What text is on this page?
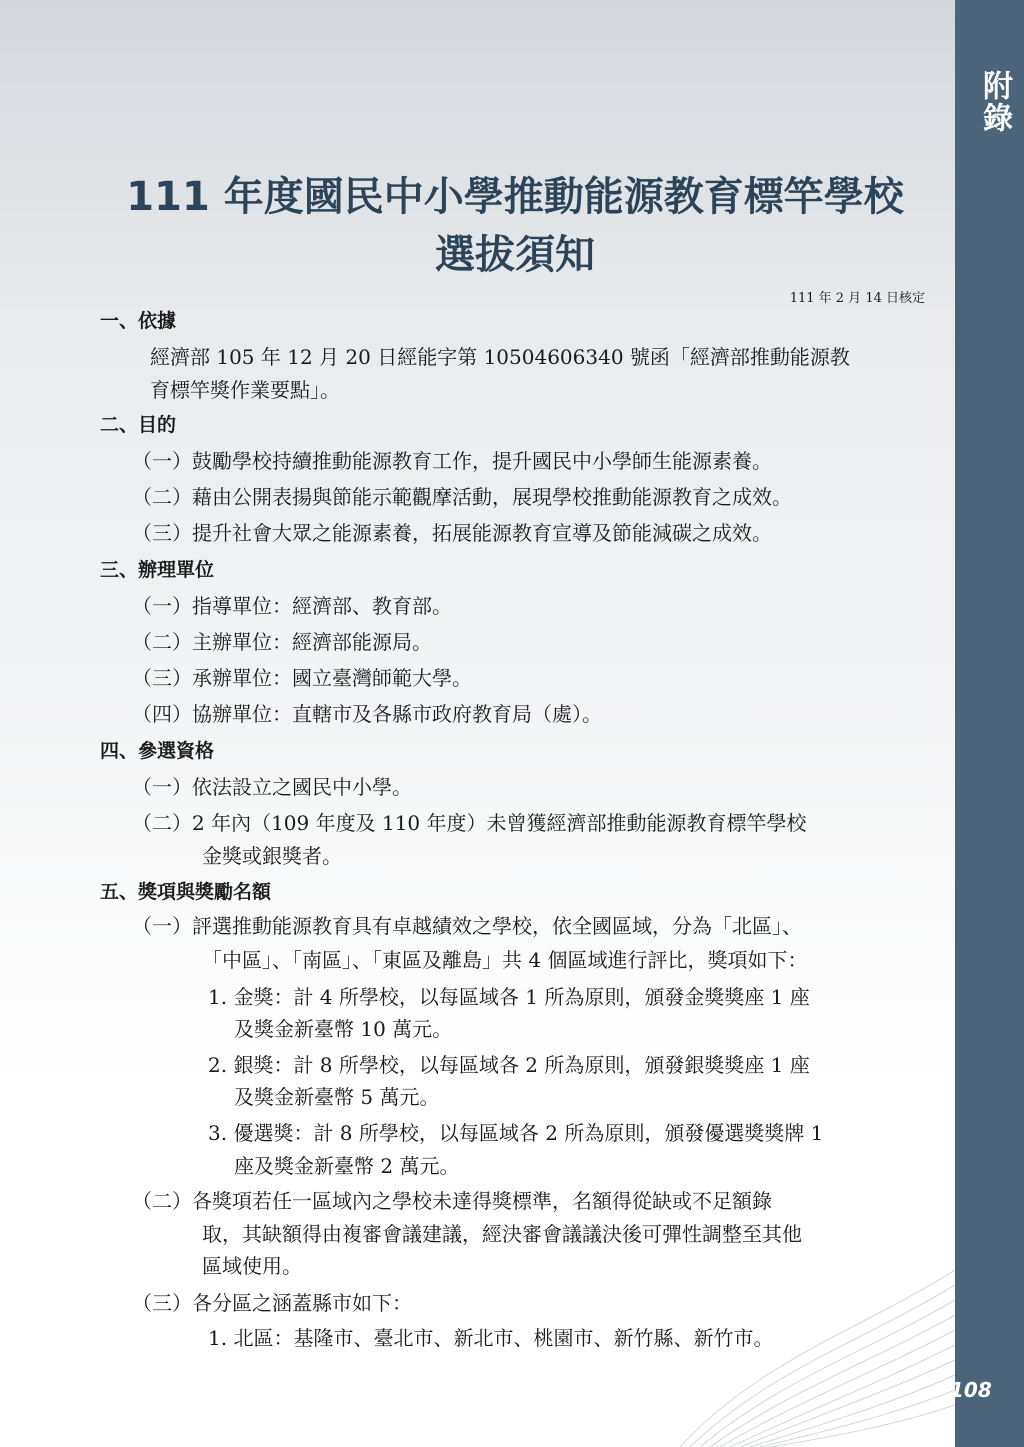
附錄
108
111 年度國民中小學推動能源教育標竿學校
選拔須知
111 年 2 月 14 日核定
一、依據
經濟部 105 年 12 月 20 日經能字第 10504606340 號函「經濟部推動能源教
育標竿獎作業要點」。
二、目的
（一）鼓勵學校持續推動能源教育工作，提升國民中小學師生能源素養。
（二）藉由公開表揚與節能示範觀摩活動，展現學校推動能源教育之成效。
（三）提升社會大眾之能源素養，拓展能源教育宣導及節能減碳之成效。
三、辦理單位
（一）指導單位：經濟部、教育部。
（二）主辦單位：經濟部能源局。
（三）承辦單位：國立臺灣師範大學。
（四）協辦單位：直轄市及各縣市政府教育局（處）。
四、參選資格
（一）依法設立之國民中小學。
（二）2 年內（109 年度及 110 年度）未曾獲經濟部推動能源教育標竿學校
金獎或銀獎者。
五、獎項與獎勵名額
（一）評選推動能源教育具有卓越績效之學校，依全國區域，分為「北區」、
「中區」、「南區」、「東區及離島」共 4 個區域進行評比，獎項如下：
1. 金獎：計 4 所學校，以每區域各 1 所為原則，頒發金獎獎座 1 座
及獎金新臺幣 10 萬元。
2. 銀獎：計 8 所學校，以每區域各 2 所為原則，頒發銀獎獎座 1 座
及獎金新臺幣 5 萬元。
3. 優選獎：計 8 所學校，以每區域各 2 所為原則，頒發優選獎獎牌 1
座及獎金新臺幣 2 萬元。
（二）各獎項若任一區域內之學校未達得獎標準，名額得從缺或不足額錄
取，其缺額得由複審會議建議，經決審會議議決後可彈性調整至其他
區域使用。
（三）各分區之涵蓋縣市如下：
1. 北區：基隆市、臺北市、新北市、桃園市、新竹縣、新竹市。
